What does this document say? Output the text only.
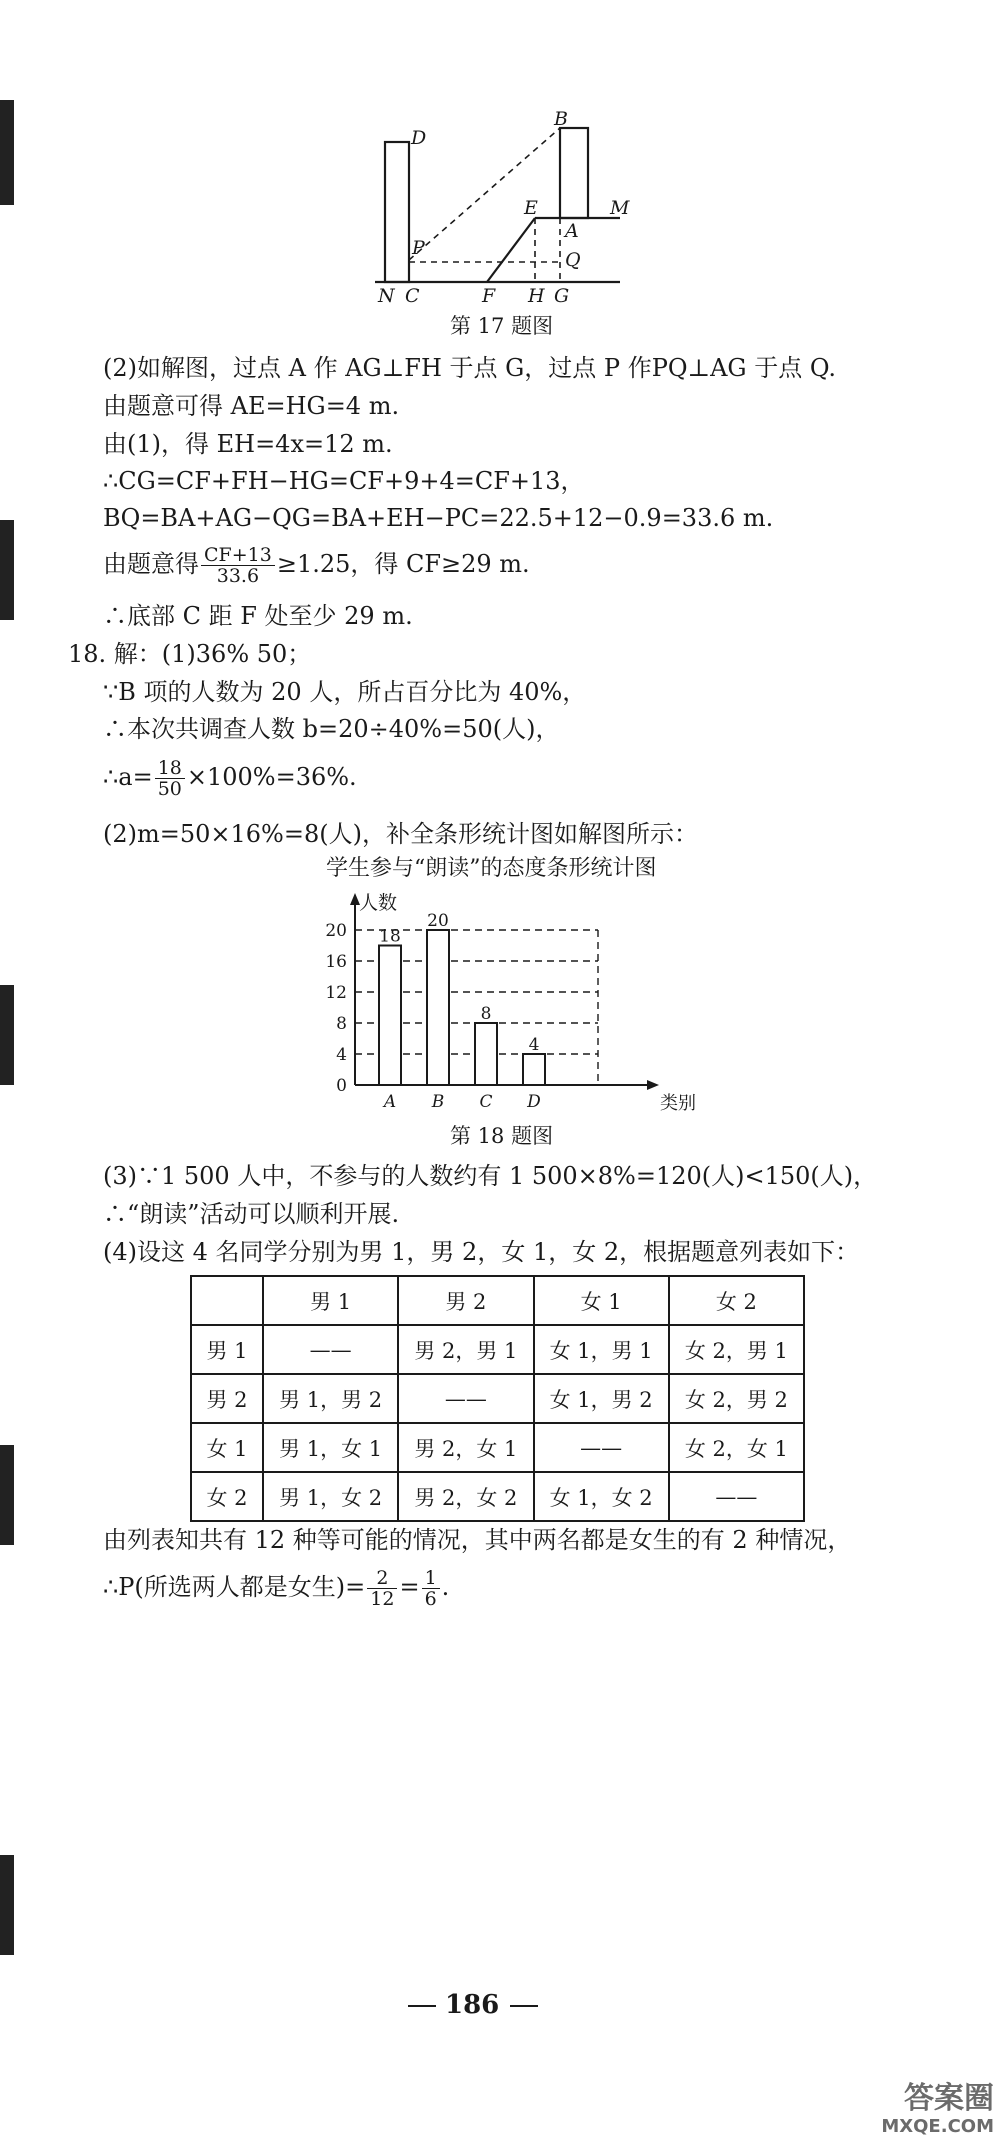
D
B
E	M
P
A
Q
N C	F H G
第 17 题图
(2)如解图，过点 A 作 AG⊥FH 于点 G，过点 P 作PQ⊥AG 于点 Q.
由题意可得 AE=HG=4 m.
由(1)，得 EH=4x=12 m.
∴CG=CF+FH−HG=CF+9+4=CF+13，
BQ=BA+AG−QG=BA+EH−PC=22.5+12−0.9=33.6 m.
由题意得 $\frac{CF+13}{33.6} \ge 1.25$，得 CF≥29 m.
∴底部 C 距 F 处至少 29 m.
18. 解：(1)36% 50；
∵B 项的人数为 20 人，所占百分比为 40%，
∴本次共调查人数 b=20÷40%=50(人)，
∴a= $\frac{18}{50} \times 100\%=36\%$.
(2)m=50×16%=8(人)，补全条形统计图如解图所示：
学生参与“朗读”的态度条形统计图
0
4
8
12
16
20
人数
类别
18
A
20
B
8
C
4
D
第 18 题图
(3)∵1 500 人中，不参与的人数约有 1 500×8%=120(人)<150(人)，
∴“朗读”活动可以顺利开展.
(4)设这 4 名同学分别为男 1，男 2，女 1，女 2，根据题意列表如下：
	男 1	男 2	女 1	女 2
男 1	——	男 2，男 1	女 1，男 1	女 2，男 1
男 2	男 1，男 2	——	女 1，男 2	女 2，男 2
女 1	男 1，女 1	男 2，女 1	——	女 2，女 1
女 2	男 1，女 2	男 2，女 2	女 1，女 2	——
由列表知共有 12 种等可能的情况，其中两名都是女生的有 2 种情况，
∴P(所选两人都是女生)= $\frac{2}{12} = \frac{1}{6}$ .
186
答案圈
MXQE.COM
